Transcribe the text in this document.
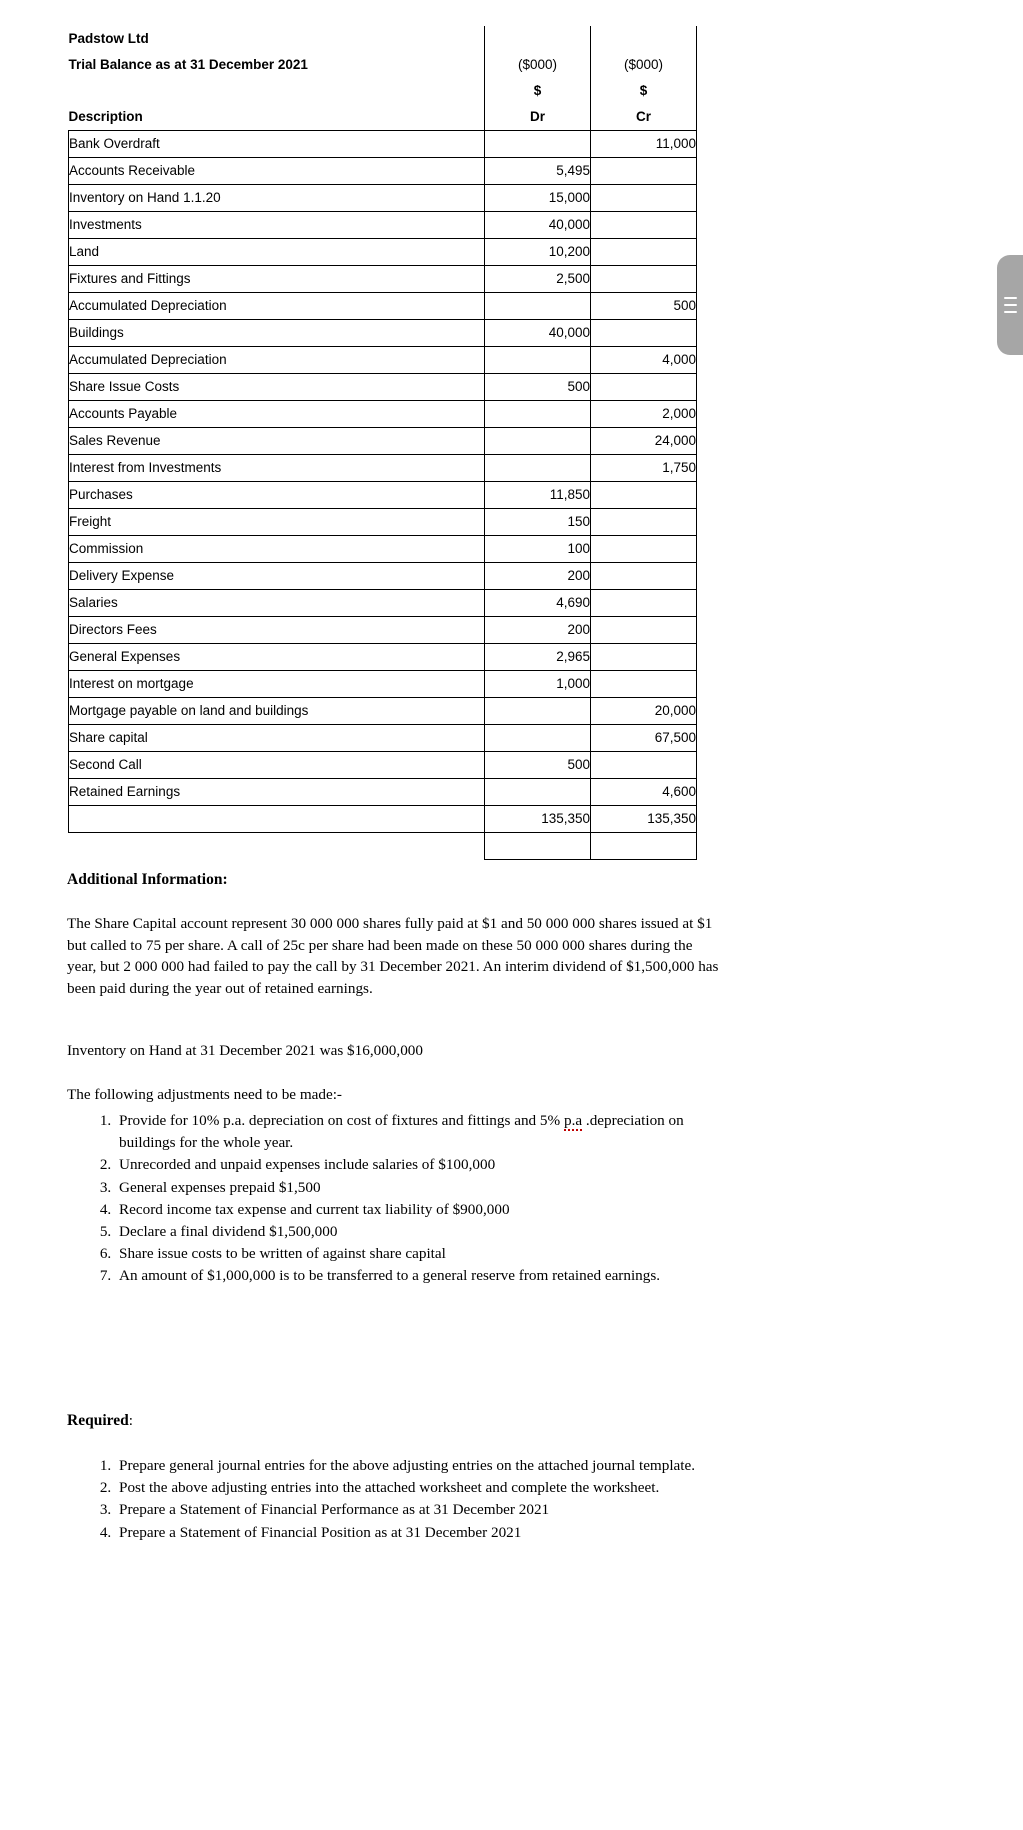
Padstow Ltd		
Trial Balance as at 31 December 2021	($000)	($000)
	$	$
Description	Dr	Cr
Bank Overdraft		11,000
Accounts Receivable	5,495	
Inventory on Hand 1.1.20	15,000	
Investments	40,000	
Land	10,200	
Fixtures and Fittings	2,500	
Accumulated Depreciation		500
Buildings	40,000	
Accumulated Depreciation		4,000
Share Issue Costs	500	
Accounts Payable		2,000
Sales Revenue		24,000
Interest from Investments		1,750
Purchases	11,850	
Freight	150	
Commission	100	
Delivery Expense	200	
Salaries	4,690	
Directors Fees	200	
General Expenses	2,965	
Interest on mortgage	1,000	
Mortgage payable on land and buildings		20,000
Share capital		67,500
Second Call	500	
Retained Earnings		4,600
	135,350	135,350

Additional Information:

The Share Capital account represent 30 000 000 shares fully paid at $1 and 50 000 000 shares issued at $1

but called to 75 per share. A call of 25c per share had been made on these 50 000 000 shares during the

year, but 2 000 000 had failed to pay the call by 31 December 2021. An interim dividend of $1,500,000 has

been paid during the year out of retained earnings.

Inventory on Hand at 31 December 2021 was $16,000,000

The following adjustments need to be made:-

1. Provide for 10% p.a. depreciation on cost of fixtures and fittings and 5% p.a .depreciation on
buildings for the whole year.
2. Unrecorded and unpaid expenses include salaries of $100,000
3. General expenses prepaid $1,500
4. Record income tax expense and current tax liability of $900,000
5. Declare a final dividend $1,500,000
6. Share issue costs to be written of against share capital
7. An amount of $1,000,000 is to be transferred to a general reserve from retained earnings.
Required:
1. Prepare general journal entries for the above adjusting entries on the attached journal template.
2. Post the above adjusting entries into the attached worksheet and complete the worksheet.
3. Prepare a Statement of Financial Performance as at 31 December 2021
4. Prepare a Statement of Financial Position as at 31 December 2021
